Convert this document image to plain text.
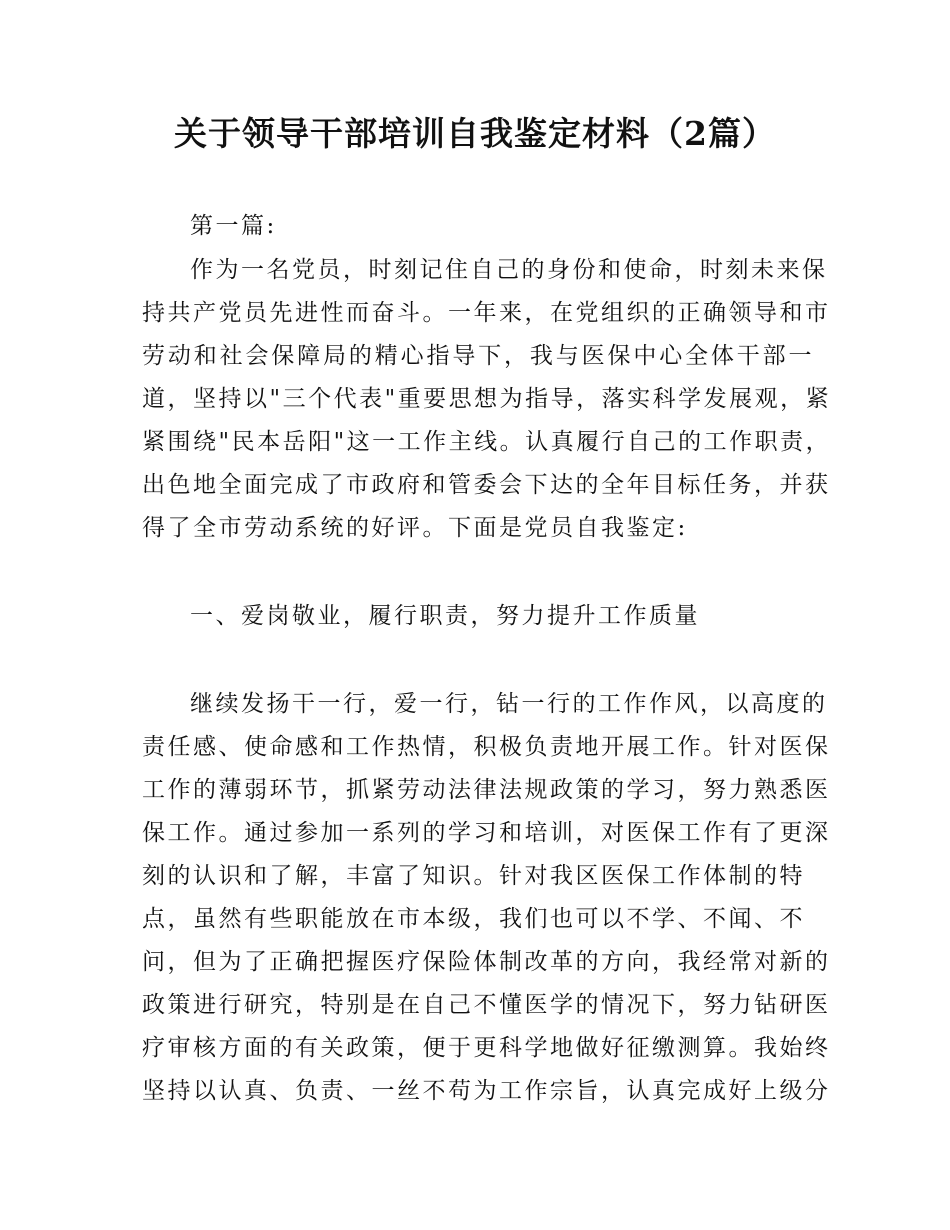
关于领导干部培训自我鉴定材料（2篇）
第一篇:
作为一名党员，时刻记住自己的身份和使命，时刻未来保
持共产党员先进性而奋斗。一年来，在党组织的正确领导和市
劳动和社会保障局的精心指导下，我与医保中心全体干部一
道，坚持以"三个代表"重要思想为指导，落实科学发展观，紧
紧围绕"民本岳阳"这一工作主线。认真履行自己的工作职责，
出色地全面完成了市政府和管委会下达的全年目标任务，并获
得了全市劳动系统的好评。下面是党员自我鉴定:
一、爱岗敬业，履行职责，努力提升工作质量
继续发扬干一行，爱一行，钻一行的工作作风，以高度的
责任感、使命感和工作热情，积极负责地开展工作。针对医保
工作的薄弱环节，抓紧劳动法律法规政策的学习，努力熟悉医
保工作。通过参加一系列的学习和培训，对医保工作有了更深
刻的认识和了解，丰富了知识。针对我区医保工作体制的特
点，虽然有些职能放在市本级，我们也可以不学、不闻、不
问，但为了正确把握医疗保险体制改革的方向，我经常对新的
政策进行研究，特别是在自己不懂医学的情况下，努力钻研医
疗审核方面的有关政策，便于更科学地做好征缴测算。我始终
坚持以认真、负责、一丝不苟为工作宗旨，认真完成好上级分
